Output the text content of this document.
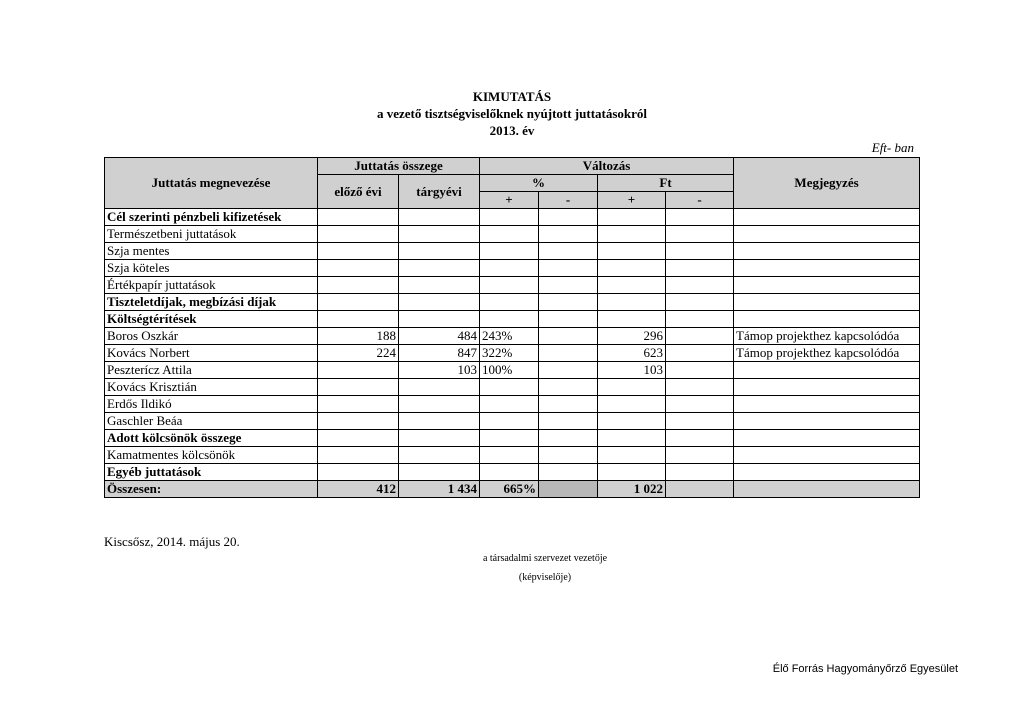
KIMUTATÁS
a vezető tisztségviselőknek nyújtott juttatásokról
2013. év
Eft- ban
Juttatás megnevezése	Juttatás összege		Változás				Megjegyzés
	előző évi	tárgyévi	%		Ft		
			+	-	+	-	
Cél szerinti pénzbeli kifizetések							
Természetbeni juttatások							
Szja mentes							
Szja köteles							
Értékpapír juttatások							
Tiszteletdíjak, megbízási díjak							
Költségtérítések							
Boros Oszkár	188	484	243%		296		Támop projekthez kapcsolódóa
Kovács Norbert	224	847	322%		623		Támop projekthez kapcsolódóa
Peszterícz Attila		103	100%		103		
Kovács Krisztián							
Erdős Ildikó							
Gaschler Beáa							
Adott kölcsönök összege							
Kamatmentes kölcsönök							
Egyéb juttatások							
Összesen:	412	1 434	665%		1 022		
Kiscsősz, 2014. május 20.
a társadalmi szervezet vezetője
(képviselője)
Élő Forrás Hagyományőrző Egyesület
